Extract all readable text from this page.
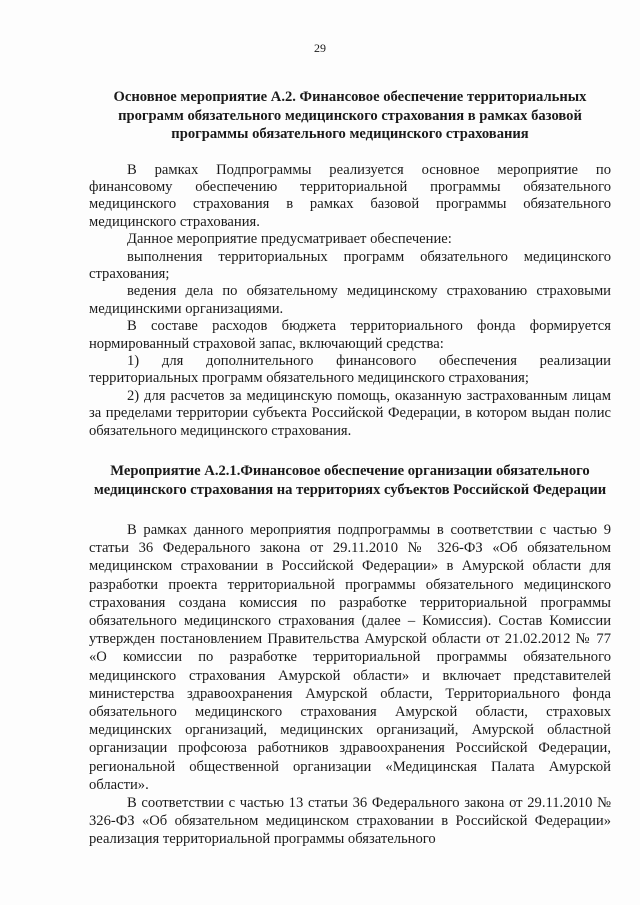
29

Основное мероприятие А.2. Финансовое обеспечение территориальных программ обязательного медицинского страхования в рамках базовой программы обязательного медицинского страхования

В рамках Подпрограммы реализуется основное мероприятие по финансовому обеспечению территориальной программы обязательного медицинского страхования в рамках базовой программы обязательного медицинского страхования.

Данное мероприятие предусматривает обеспечение:

выполнения территориальных программ обязательного медицинского страхования;

ведения дела по обязательному медицинскому страхованию страховыми медицинскими организациями.

В составе расходов бюджета территориального фонда формируется нормированный страховой запас, включающий средства:

1) для дополнительного финансового обеспечения реализации территориальных программ обязательного медицинского страхования;

2) для расчетов за медицинскую помощь, оказанную застрахованным лицам за пределами территории субъекта Российской Федерации, в котором выдан полис обязательного медицинского страхования.

Мероприятие А.2.1.Финансовое обеспечение организации обязательного медицинского страхования на территориях субъектов Российской Федерации

В рамках данного мероприятия подпрограммы в соответствии с частью 9 статьи 36 Федерального закона от 29.11.2010 № 326-ФЗ «Об обязательном медицинском страховании в Российской Федерации» в Амурской области для разработки проекта территориальной программы обязательного медицинского страхования создана комиссия по разработке территориальной программы обязательного медицинского страхования (далее – Комиссия). Состав Комиссии утвержден постановлением Правительства Амурской области от 21.02.2012 № 77 «О комиссии по разработке территориальной программы обязательного медицинского страхования Амурской области» и включает представителей министерства здравоохранения Амурской области, Территориального фонда обязательного медицинского страхования Амурской области, страховых медицинских организаций, медицинских организаций, Амурской областной организации профсоюза работников здравоохранения Российской Федерации, региональной общественной организации «Медицинская Палата Амурской области».

В соответствии с частью 13 статьи 36 Федерального закона от 29.11.2010 № 326-ФЗ «Об обязательном медицинском страховании в Российской Федерации» реализация территориальной программы обязательного
